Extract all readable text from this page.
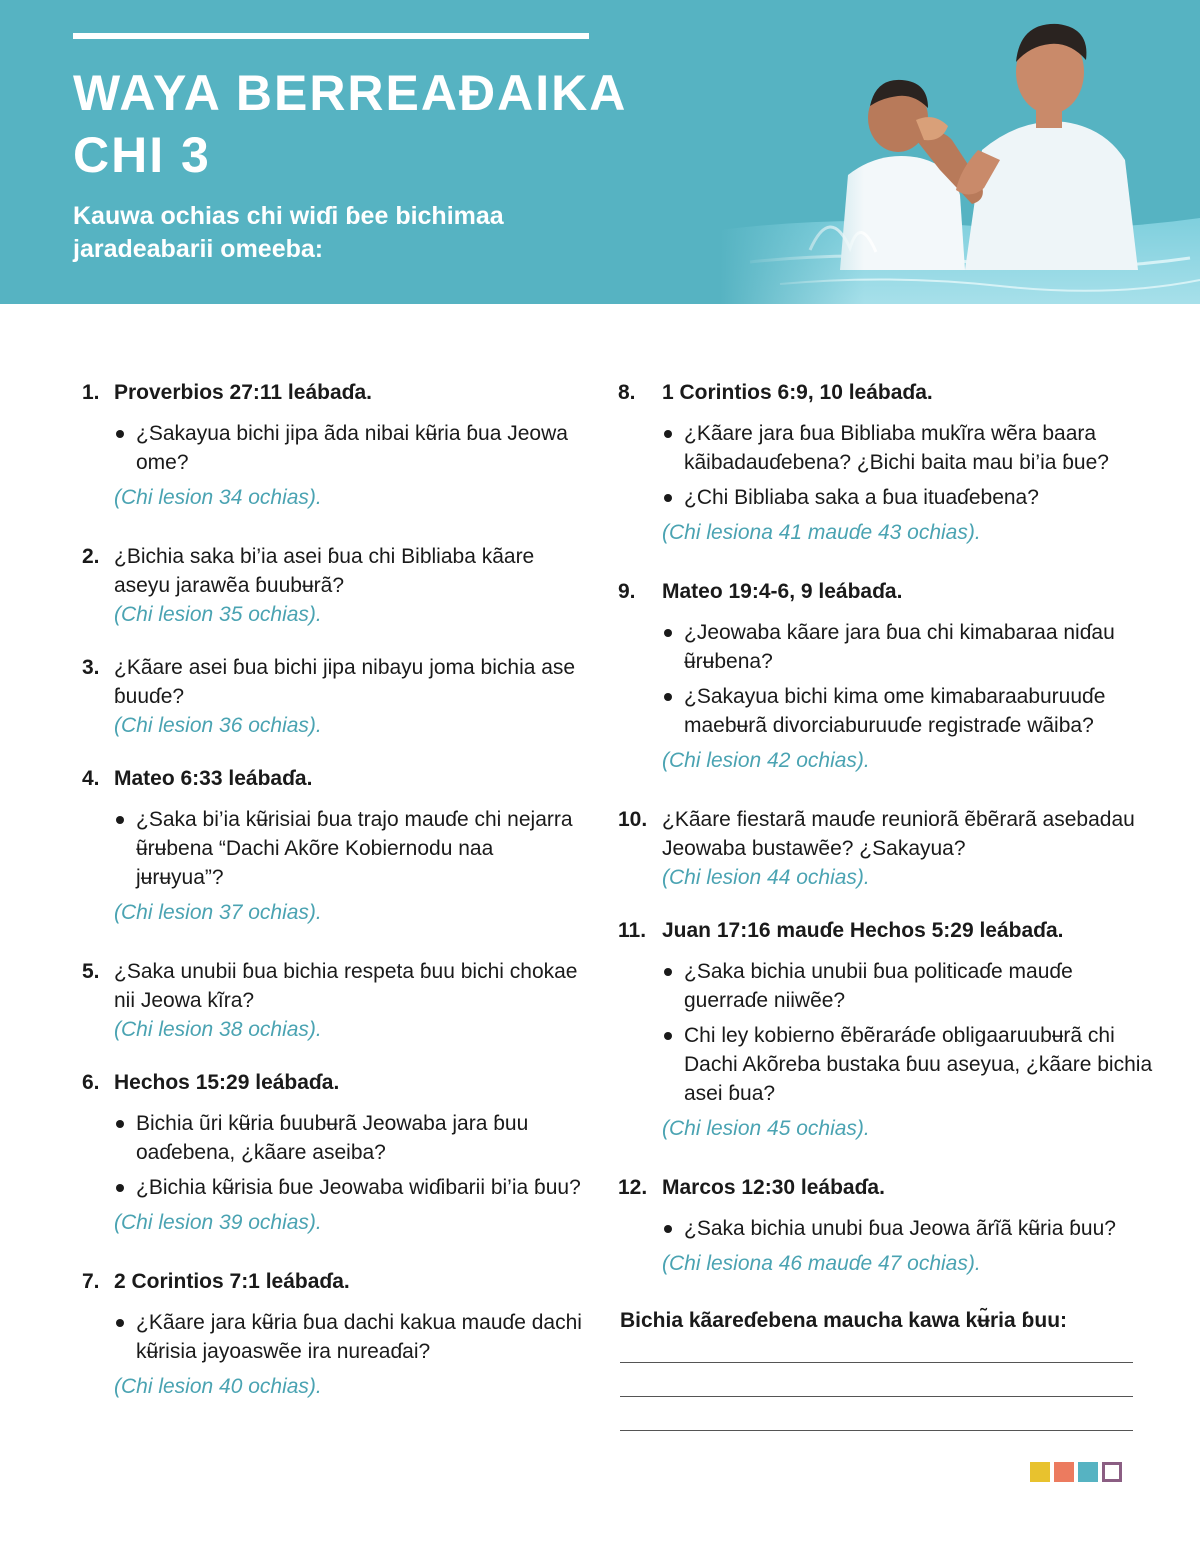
WAYA BERREAƉAIKA
CHI 3

Kauwa ochias chi wiɗi ɓee bichimaa jaradeabarii omeeba:

1. Proverbios 27:11 leábaɗa.
¿Sakayua bichi jipa ãda nibai kʉ̃ria ɓua Jeowa ome?
(Chi lesion 34 ochias).
2. ¿Bichia saka bi’ia asei ɓua chi Bibliaba kãare aseyu jarawẽa ɓuubʉrã?
(Chi lesion 35 ochias).
3. ¿Kãare asei ɓua bichi jipa nibayu joma bichia ase ɓuuɗe?
(Chi lesion 36 ochias).
4. Mateo 6:33 leábaɗa.
¿Saka bi’ia kʉ̃risiai ɓua trajo mauɗe chi nejarra ʉ̃rʉbena “Dachi Akõre Kobiernodu naa jʉrʉyua”?
(Chi lesion 37 ochias).
5. ¿Saka unubii ɓua bichia respeta ɓuu bichi chokae nii Jeowa kĩra?
(Chi lesion 38 ochias).
6. Hechos 15:29 leábaɗa.
Bichia ũri kʉ̃ria ɓuubʉrã Jeowaba jara ɓuu oaɗebena, ¿kãare aseiba?
¿Bichia kʉ̃risia ɓue Jeowaba wiɗibarii bi’ia ɓuu?
(Chi lesion 39 ochias).
7. 2 Corintios 7:1 leábaɗa.
¿Kãare jara kʉ̃ria ɓua dachi kakua mauɗe dachi kʉ̃risia jayoaswẽe ira nureaɗai?
(Chi lesion 40 ochias).
8.	1 Corintios 6:9, 10 leábaɗa.
¿Kãare jara ɓua Bibliaba mukĩra wẽra baara kãibadauɗebena? ¿Bichi baita mau bi’ia ɓue?
¿Chi Bibliaba saka a ɓua ituaɗebena?
(Chi lesiona 41 mauɗe 43 ochias).
9.	Mateo 19:4-6, 9 leábaɗa.
¿Jeowaba kãare jara ɓua chi kimabaraa niɗau ʉ̃rʉbena?
¿Sakayua bichi kima ome kimabaraaburuuɗe maebʉrã divorciaburuuɗe registraɗe wãiba?
(Chi lesion 42 ochias).
10. ¿Kãare fiestarã mauɗe reuniorã ẽbẽrarã asebadau Jeowaba bustawẽe? ¿Sakayua?
(Chi lesion 44 ochias).
11. Juan 17:16 mauɗe Hechos 5:29 leábaɗa.
¿Saka bichia unubii ɓua politicaɗe mauɗe guerraɗe niiwẽe?
Chi ley kobierno ẽbẽraráɗe obligaaruubʉrã chi Dachi Akõreba bustaka ɓuu aseyua, ¿kãare bichia asei ɓua?
(Chi lesion 45 ochias).
12. Marcos 12:30 leábaɗa.
¿Saka bichia unubi ɓua Jeowa ãrĩã kʉ̃ria ɓuu?
(Chi lesiona 46 mauɗe 47 ochias).
Bichia kãareɗebena maucha kawa kʉ̃ria ɓuu:
